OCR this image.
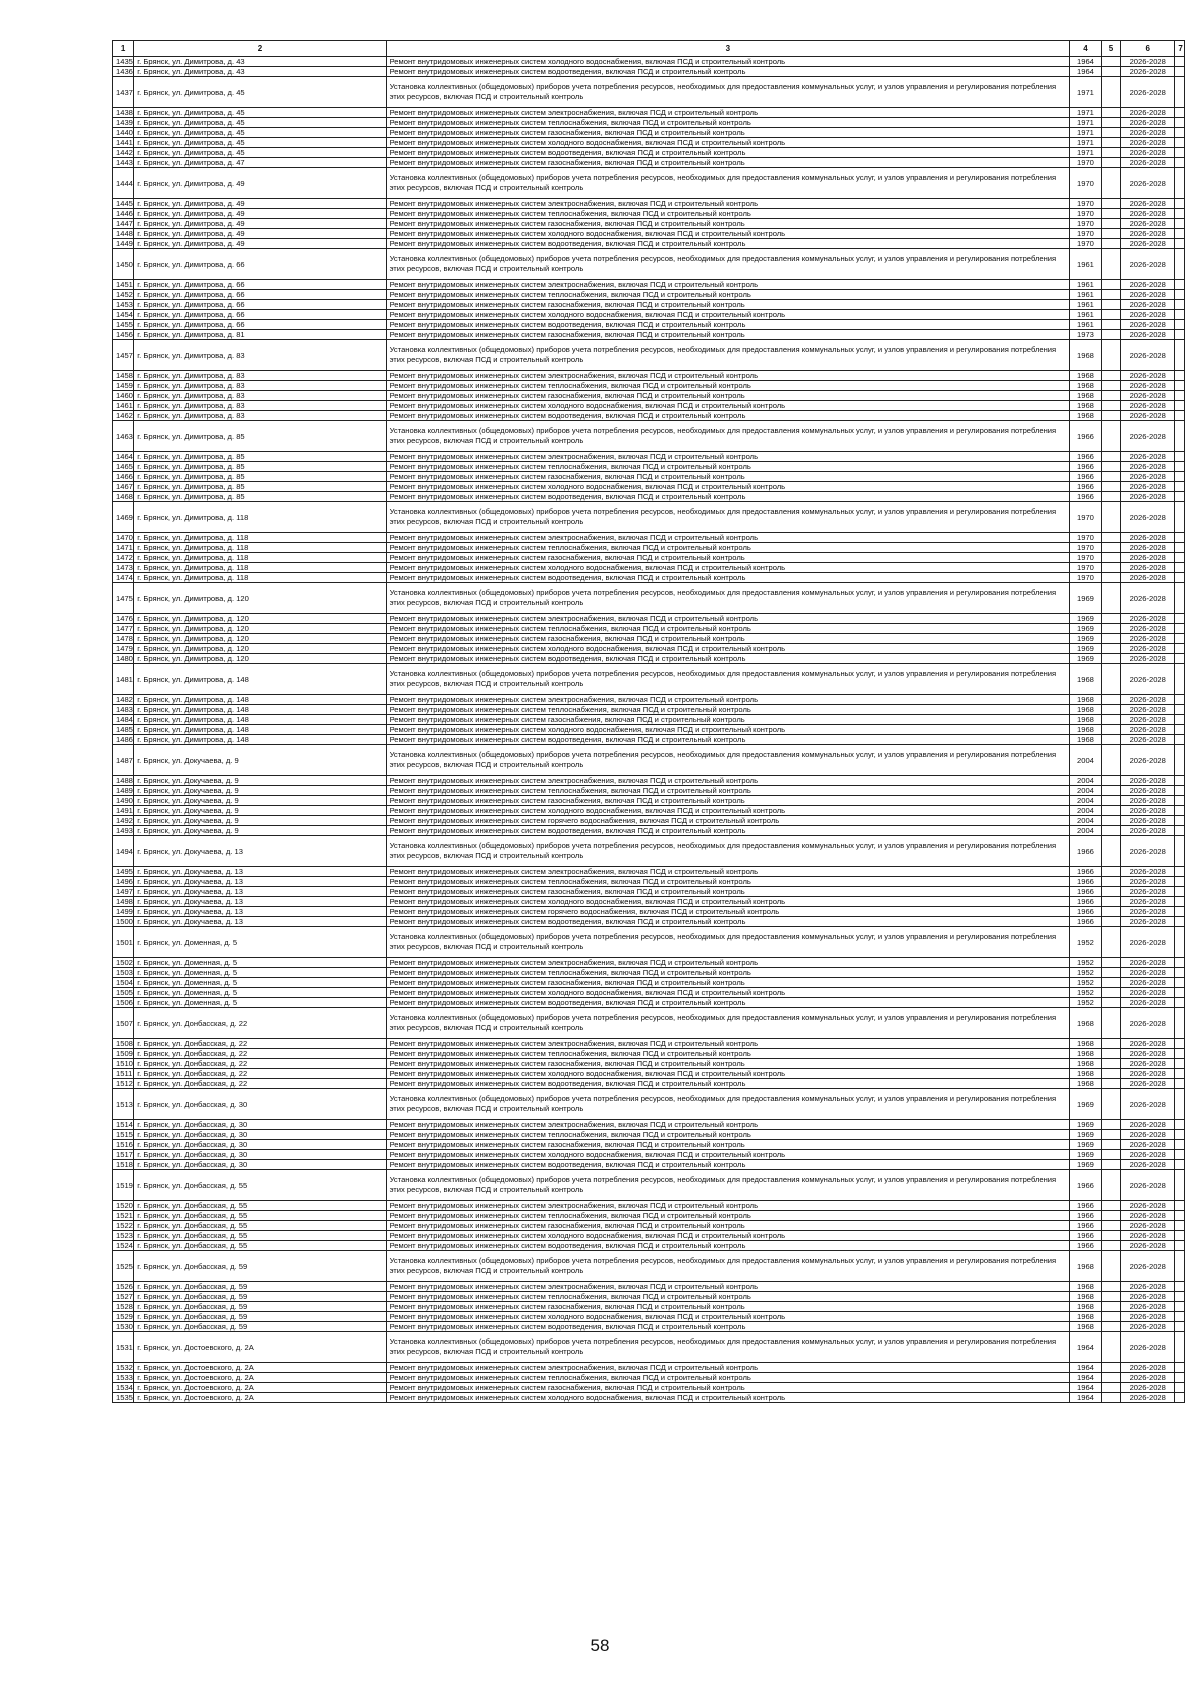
1	2	3	4	5	6	7
1435	г. Брянск, ул. Димитрова, д. 43	Ремонт внутридомовых инженерных систем холодного водоснабжения, включая ПСД и строительный контроль	1964		2026-2028	
1436	г. Брянск, ул. Димитрова, д. 43	Ремонт внутридомовых инженерных систем водоотведения, включая ПСД и строительный контроль	1964		2026-2028	
1437	г. Брянск, ул. Димитрова, д. 45	Установка коллективных (общедомовых) приборов учета потребления ресурсов, необходимых для предоставления коммунальных услуг, и узлов управления и регулирования потребления этих ресурсов, включая ПСД и строительный контроль	1971		2026-2028	
1438	г. Брянск, ул. Димитрова, д. 45	Ремонт внутридомовых инженерных систем электроснабжения, включая ПСД и строительный контроль	1971		2026-2028	
1439	г. Брянск, ул. Димитрова, д. 45	Ремонт внутридомовых инженерных систем теплоснабжения, включая ПСД и строительный контроль	1971		2026-2028	
1440	г. Брянск, ул. Димитрова, д. 45	Ремонт внутридомовых инженерных систем газоснабжения, включая ПСД и строительный контроль	1971		2026-2028	
1441	г. Брянск, ул. Димитрова, д. 45	Ремонт внутридомовых инженерных систем холодного водоснабжения, включая ПСД и строительный контроль	1971		2026-2028	
1442	г. Брянск, ул. Димитрова, д. 45	Ремонт внутридомовых инженерных систем водоотведения, включая ПСД и строительный контроль	1971		2026-2028	
1443	г. Брянск, ул. Димитрова, д. 47	Ремонт внутридомовых инженерных систем газоснабжения, включая ПСД и строительный контроль	1970		2026-2028	
1444	г. Брянск, ул. Димитрова, д. 49	Установка коллективных (общедомовых) приборов учета потребления ресурсов, необходимых для предоставления коммунальных услуг, и узлов управления и регулирования потребления этих ресурсов, включая ПСД и строительный контроль	1970		2026-2028	
1445	г. Брянск, ул. Димитрова, д. 49	Ремонт внутридомовых инженерных систем электроснабжения, включая ПСД и строительный контроль	1970		2026-2028	
1446	г. Брянск, ул. Димитрова, д. 49	Ремонт внутридомовых инженерных систем теплоснабжения, включая ПСД и строительный контроль	1970		2026-2028	
1447	г. Брянск, ул. Димитрова, д. 49	Ремонт внутридомовых инженерных систем газоснабжения, включая ПСД и строительный контроль	1970		2026-2028	
1448	г. Брянск, ул. Димитрова, д. 49	Ремонт внутридомовых инженерных систем холодного водоснабжения, включая ПСД и строительный контроль	1970		2026-2028	
1449	г. Брянск, ул. Димитрова, д. 49	Ремонт внутридомовых инженерных систем водоотведения, включая ПСД и строительный контроль	1970		2026-2028	
1450	г. Брянск, ул. Димитрова, д. 66	Установка коллективных (общедомовых) приборов учета потребления ресурсов, необходимых для предоставления коммунальных услуг, и узлов управления и регулирования потребления этих ресурсов, включая ПСД и строительный контроль	1961		2026-2028	
1451	г. Брянск, ул. Димитрова, д. 66	Ремонт внутридомовых инженерных систем электроснабжения, включая ПСД и строительный контроль	1961		2026-2028	
1452	г. Брянск, ул. Димитрова, д. 66	Ремонт внутридомовых инженерных систем теплоснабжения, включая ПСД и строительный контроль	1961		2026-2028	
1453	г. Брянск, ул. Димитрова, д. 66	Ремонт внутридомовых инженерных систем газоснабжения, включая ПСД и строительный контроль	1961		2026-2028	
1454	г. Брянск, ул. Димитрова, д. 66	Ремонт внутридомовых инженерных систем холодного водоснабжения, включая ПСД и строительный контроль	1961		2026-2028	
1455	г. Брянск, ул. Димитрова, д. 66	Ремонт внутридомовых инженерных систем водоотведения, включая ПСД и строительный контроль	1961		2026-2028	
1456	г. Брянск, ул. Димитрова, д. 81	Ремонт внутридомовых инженерных систем газоснабжения, включая ПСД и строительный контроль	1973		2026-2028	
1457	г. Брянск, ул. Димитрова, д. 83	Установка коллективных (общедомовых) приборов учета потребления ресурсов, необходимых для предоставления коммунальных услуг, и узлов управления и регулирования потребления этих ресурсов, включая ПСД и строительный контроль	1968		2026-2028	
1458	г. Брянск, ул. Димитрова, д. 83	Ремонт внутридомовых инженерных систем электроснабжения, включая ПСД и строительный контроль	1968		2026-2028	
1459	г. Брянск, ул. Димитрова, д. 83	Ремонт внутридомовых инженерных систем теплоснабжения, включая ПСД и строительный контроль	1968		2026-2028	
1460	г. Брянск, ул. Димитрова, д. 83	Ремонт внутридомовых инженерных систем газоснабжения, включая ПСД и строительный контроль	1968		2026-2028	
1461	г. Брянск, ул. Димитрова, д. 83	Ремонт внутридомовых инженерных систем холодного водоснабжения, включая ПСД и строительный контроль	1968		2026-2028	
1462	г. Брянск, ул. Димитрова, д. 83	Ремонт внутридомовых инженерных систем водоотведения, включая ПСД и строительный контроль	1968		2026-2028	
1463	г. Брянск, ул. Димитрова, д. 85	Установка коллективных (общедомовых) приборов учета потребления ресурсов, необходимых для предоставления коммунальных услуг, и узлов управления и регулирования потребления этих ресурсов, включая ПСД и строительный контроль	1966		2026-2028	
1464	г. Брянск, ул. Димитрова, д. 85	Ремонт внутридомовых инженерных систем электроснабжения, включая ПСД и строительный контроль	1966		2026-2028	
1465	г. Брянск, ул. Димитрова, д. 85	Ремонт внутридомовых инженерных систем теплоснабжения, включая ПСД и строительный контроль	1966		2026-2028	
1466	г. Брянск, ул. Димитрова, д. 85	Ремонт внутридомовых инженерных систем газоснабжения, включая ПСД и строительный контроль	1966		2026-2028	
1467	г. Брянск, ул. Димитрова, д. 85	Ремонт внутридомовых инженерных систем холодного водоснабжения, включая ПСД и строительный контроль	1966		2026-2028	
1468	г. Брянск, ул. Димитрова, д. 85	Ремонт внутридомовых инженерных систем водоотведения, включая ПСД и строительный контроль	1966		2026-2028	
1469	г. Брянск, ул. Димитрова, д. 118	Установка коллективных (общедомовых) приборов учета потребления ресурсов, необходимых для предоставления коммунальных услуг, и узлов управления и регулирования потребления этих ресурсов, включая ПСД и строительный контроль	1970		2026-2028	
1470	г. Брянск, ул. Димитрова, д. 118	Ремонт внутридомовых инженерных систем электроснабжения, включая ПСД и строительный контроль	1970		2026-2028	
1471	г. Брянск, ул. Димитрова, д. 118	Ремонт внутридомовых инженерных систем теплоснабжения, включая ПСД и строительный контроль	1970		2026-2028	
1472	г. Брянск, ул. Димитрова, д. 118	Ремонт внутридомовых инженерных систем газоснабжения, включая ПСД и строительный контроль	1970		2026-2028	
1473	г. Брянск, ул. Димитрова, д. 118	Ремонт внутридомовых инженерных систем холодного водоснабжения, включая ПСД и строительный контроль	1970		2026-2028	
1474	г. Брянск, ул. Димитрова, д. 118	Ремонт внутридомовых инженерных систем водоотведения, включая ПСД и строительный контроль	1970		2026-2028	
1475	г. Брянск, ул. Димитрова, д. 120	Установка коллективных (общедомовых) приборов учета потребления ресурсов, необходимых для предоставления коммунальных услуг, и узлов управления и регулирования потребления этих ресурсов, включая ПСД и строительный контроль	1969		2026-2028	
1476	г. Брянск, ул. Димитрова, д. 120	Ремонт внутридомовых инженерных систем электроснабжения, включая ПСД и строительный контроль	1969		2026-2028	
1477	г. Брянск, ул. Димитрова, д. 120	Ремонт внутридомовых инженерных систем теплоснабжения, включая ПСД и строительный контроль	1969		2026-2028	
1478	г. Брянск, ул. Димитрова, д. 120	Ремонт внутридомовых инженерных систем газоснабжения, включая ПСД и строительный контроль	1969		2026-2028	
1479	г. Брянск, ул. Димитрова, д. 120	Ремонт внутридомовых инженерных систем холодного водоснабжения, включая ПСД и строительный контроль	1969		2026-2028	
1480	г. Брянск, ул. Димитрова, д. 120	Ремонт внутридомовых инженерных систем водоотведения, включая ПСД и строительный контроль	1969		2026-2028	
1481	г. Брянск, ул. Димитрова, д. 148	Установка коллективных (общедомовых) приборов учета потребления ресурсов, необходимых для предоставления коммунальных услуг, и узлов управления и регулирования потребления этих ресурсов, включая ПСД и строительный контроль	1968		2026-2028	
1482	г. Брянск, ул. Димитрова, д. 148	Ремонт внутридомовых инженерных систем электроснабжения, включая ПСД и строительный контроль	1968		2026-2028	
1483	г. Брянск, ул. Димитрова, д. 148	Ремонт внутридомовых инженерных систем теплоснабжения, включая ПСД и строительный контроль	1968		2026-2028	
1484	г. Брянск, ул. Димитрова, д. 148	Ремонт внутридомовых инженерных систем газоснабжения, включая ПСД и строительный контроль	1968		2026-2028	
1485	г. Брянск, ул. Димитрова, д. 148	Ремонт внутридомовых инженерных систем холодного водоснабжения, включая ПСД и строительный контроль	1968		2026-2028	
1486	г. Брянск, ул. Димитрова, д. 148	Ремонт внутридомовых инженерных систем водоотведения, включая ПСД и строительный контроль	1968		2026-2028	
1487	г. Брянск, ул. Докучаева, д. 9	Установка коллективных (общедомовых) приборов учета потребления ресурсов, необходимых для предоставления коммунальных услуг, и узлов управления и регулирования потребления этих ресурсов, включая ПСД и строительный контроль	2004		2026-2028	
1488	г. Брянск, ул. Докучаева, д. 9	Ремонт внутридомовых инженерных систем электроснабжения, включая ПСД и строительный контроль	2004		2026-2028	
1489	г. Брянск, ул. Докучаева, д. 9	Ремонт внутридомовых инженерных систем теплоснабжения, включая ПСД и строительный контроль	2004		2026-2028	
1490	г. Брянск, ул. Докучаева, д. 9	Ремонт внутридомовых инженерных систем газоснабжения, включая ПСД и строительный контроль	2004		2026-2028	
1491	г. Брянск, ул. Докучаева, д. 9	Ремонт внутридомовых инженерных систем холодного водоснабжения, включая ПСД и строительный контроль	2004		2026-2028	
1492	г. Брянск, ул. Докучаева, д. 9	Ремонт внутридомовых инженерных систем горячего водоснабжения, включая ПСД и строительный контроль	2004		2026-2028	
1493	г. Брянск, ул. Докучаева, д. 9	Ремонт внутридомовых инженерных систем водоотведения, включая ПСД и строительный контроль	2004		2026-2028	
1494	г. Брянск, ул. Докучаева, д. 13	Установка коллективных (общедомовых) приборов учета потребления ресурсов, необходимых для предоставления коммунальных услуг, и узлов управления и регулирования потребления этих ресурсов, включая ПСД и строительный контроль	1966		2026-2028	
1495	г. Брянск, ул. Докучаева, д. 13	Ремонт внутридомовых инженерных систем электроснабжения, включая ПСД и строительный контроль	1966		2026-2028	
1496	г. Брянск, ул. Докучаева, д. 13	Ремонт внутридомовых инженерных систем теплоснабжения, включая ПСД и строительный контроль	1966		2026-2028	
1497	г. Брянск, ул. Докучаева, д. 13	Ремонт внутридомовых инженерных систем газоснабжения, включая ПСД и строительный контроль	1966		2026-2028	
1498	г. Брянск, ул. Докучаева, д. 13	Ремонт внутридомовых инженерных систем холодного водоснабжения, включая ПСД и строительный контроль	1966		2026-2028	
1499	г. Брянск, ул. Докучаева, д. 13	Ремонт внутридомовых инженерных систем горячего водоснабжения, включая ПСД и строительный контроль	1966		2026-2028	
1500	г. Брянск, ул. Докучаева, д. 13	Ремонт внутридомовых инженерных систем водоотведения, включая ПСД и строительный контроль	1966		2026-2028	
1501	г. Брянск, ул. Доменная, д. 5	Установка коллективных (общедомовых) приборов учета потребления ресурсов, необходимых для предоставления коммунальных услуг, и узлов управления и регулирования потребления этих ресурсов, включая ПСД и строительный контроль	1952		2026-2028	
1502	г. Брянск, ул. Доменная, д. 5	Ремонт внутридомовых инженерных систем электроснабжения, включая ПСД и строительный контроль	1952		2026-2028	
1503	г. Брянск, ул. Доменная, д. 5	Ремонт внутридомовых инженерных систем теплоснабжения, включая ПСД и строительный контроль	1952		2026-2028	
1504	г. Брянск, ул. Доменная, д. 5	Ремонт внутридомовых инженерных систем газоснабжения, включая ПСД и строительный контроль	1952		2026-2028	
1505	г. Брянск, ул. Доменная, д. 5	Ремонт внутридомовых инженерных систем холодного водоснабжения, включая ПСД и строительный контроль	1952		2026-2028	
1506	г. Брянск, ул. Доменная, д. 5	Ремонт внутридомовых инженерных систем водоотведения, включая ПСД и строительный контроль	1952		2026-2028	
1507	г. Брянск, ул. Донбасская, д. 22	Установка коллективных (общедомовых) приборов учета потребления ресурсов, необходимых для предоставления коммунальных услуг, и узлов управления и регулирования потребления этих ресурсов, включая ПСД и строительный контроль	1968		2026-2028	
1508	г. Брянск, ул. Донбасская, д. 22	Ремонт внутридомовых инженерных систем электроснабжения, включая ПСД и строительный контроль	1968		2026-2028	
1509	г. Брянск, ул. Донбасская, д. 22	Ремонт внутридомовых инженерных систем теплоснабжения, включая ПСД и строительный контроль	1968		2026-2028	
1510	г. Брянск, ул. Донбасская, д. 22	Ремонт внутридомовых инженерных систем газоснабжения, включая ПСД и строительный контроль	1968		2026-2028	
1511	г. Брянск, ул. Донбасская, д. 22	Ремонт внутридомовых инженерных систем холодного водоснабжения, включая ПСД и строительный контроль	1968		2026-2028	
1512	г. Брянск, ул. Донбасская, д. 22	Ремонт внутридомовых инженерных систем водоотведения, включая ПСД и строительный контроль	1968		2026-2028	
1513	г. Брянск, ул. Донбасская, д. 30	Установка коллективных (общедомовых) приборов учета потребления ресурсов, необходимых для предоставления коммунальных услуг, и узлов управления и регулирования потребления этих ресурсов, включая ПСД и строительный контроль	1969		2026-2028	
1514	г. Брянск, ул. Донбасская, д. 30	Ремонт внутридомовых инженерных систем электроснабжения, включая ПСД и строительный контроль	1969		2026-2028	
1515	г. Брянск, ул. Донбасская, д. 30	Ремонт внутридомовых инженерных систем теплоснабжения, включая ПСД и строительный контроль	1969		2026-2028	
1516	г. Брянск, ул. Донбасская, д. 30	Ремонт внутридомовых инженерных систем газоснабжения, включая ПСД и строительный контроль	1969		2026-2028	
1517	г. Брянск, ул. Донбасская, д. 30	Ремонт внутридомовых инженерных систем холодного водоснабжения, включая ПСД и строительный контроль	1969		2026-2028	
1518	г. Брянск, ул. Донбасская, д. 30	Ремонт внутридомовых инженерных систем водоотведения, включая ПСД и строительный контроль	1969		2026-2028	
1519	г. Брянск, ул. Донбасская, д. 55	Установка коллективных (общедомовых) приборов учета потребления ресурсов, необходимых для предоставления коммунальных услуг, и узлов управления и регулирования потребления этих ресурсов, включая ПСД и строительный контроль	1966		2026-2028	
1520	г. Брянск, ул. Донбасская, д. 55	Ремонт внутридомовых инженерных систем электроснабжения, включая ПСД и строительный контроль	1966		2026-2028	
1521	г. Брянск, ул. Донбасская, д. 55	Ремонт внутридомовых инженерных систем теплоснабжения, включая ПСД и строительный контроль	1966		2026-2028	
1522	г. Брянск, ул. Донбасская, д. 55	Ремонт внутридомовых инженерных систем газоснабжения, включая ПСД и строительный контроль	1966		2026-2028	
1523	г. Брянск, ул. Донбасская, д. 55	Ремонт внутридомовых инженерных систем холодного водоснабжения, включая ПСД и строительный контроль	1966		2026-2028	
1524	г. Брянск, ул. Донбасская, д. 55	Ремонт внутридомовых инженерных систем водоотведения, включая ПСД и строительный контроль	1966		2026-2028	
1525	г. Брянск, ул. Донбасская, д. 59	Установка коллективных (общедомовых) приборов учета потребления ресурсов, необходимых для предоставления коммунальных услуг, и узлов управления и регулирования потребления этих ресурсов, включая ПСД и строительный контроль	1968		2026-2028	
1526	г. Брянск, ул. Донбасская, д. 59	Ремонт внутридомовых инженерных систем электроснабжения, включая ПСД и строительный контроль	1968		2026-2028	
1527	г. Брянск, ул. Донбасская, д. 59	Ремонт внутридомовых инженерных систем теплоснабжения, включая ПСД и строительный контроль	1968		2026-2028	
1528	г. Брянск, ул. Донбасская, д. 59	Ремонт внутридомовых инженерных систем газоснабжения, включая ПСД и строительный контроль	1968		2026-2028	
1529	г. Брянск, ул. Донбасская, д. 59	Ремонт внутридомовых инженерных систем холодного водоснабжения, включая ПСД и строительный контроль	1968		2026-2028	
1530	г. Брянск, ул. Донбасская, д. 59	Ремонт внутридомовых инженерных систем водоотведения, включая ПСД и строительный контроль	1968		2026-2028	
1531	г. Брянск, ул. Достоевского, д. 2А	Установка коллективных (общедомовых) приборов учета потребления ресурсов, необходимых для предоставления коммунальных услуг, и узлов управления и регулирования потребления этих ресурсов, включая ПСД и строительный контроль	1964		2026-2028	
1532	г. Брянск, ул. Достоевского, д. 2А	Ремонт внутридомовых инженерных систем электроснабжения, включая ПСД и строительный контроль	1964		2026-2028	
1533	г. Брянск, ул. Достоевского, д. 2А	Ремонт внутридомовых инженерных систем теплоснабжения, включая ПСД и строительный контроль	1964		2026-2028	
1534	г. Брянск, ул. Достоевского, д. 2А	Ремонт внутридомовых инженерных систем газоснабжения, включая ПСД и строительный контроль	1964		2026-2028	
1535	г. Брянск, ул. Достоевского, д. 2А	Ремонт внутридомовых инженерных систем холодного водоснабжения, включая ПСД и строительный контроль	1964		2026-2028	
58
